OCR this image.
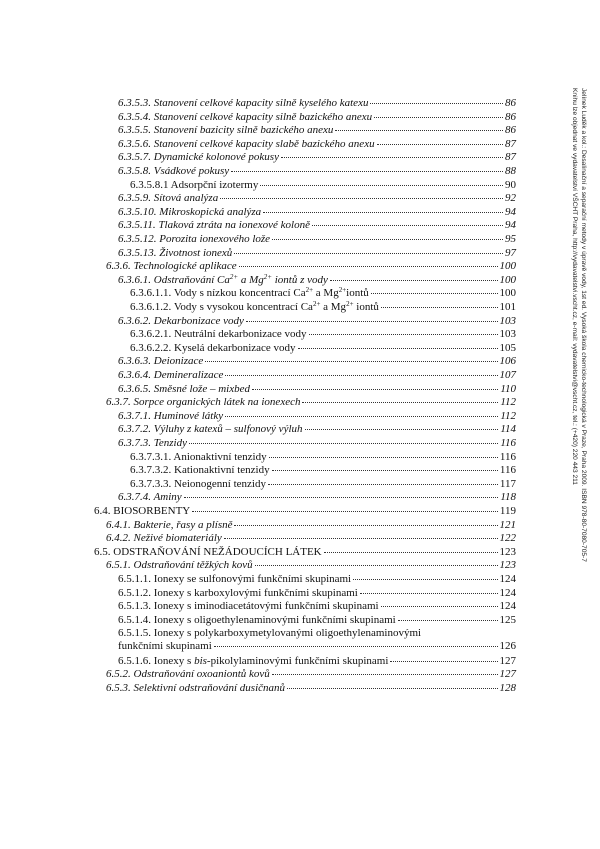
Jelínek Luděk a kol.: Desalinační a separační metody v úpravě vody, 1st ed. Vysoká škola chemicko-technologická v Praze, Praha 2009. ISBN 978-80-7080-705-7
Knihu lze objednat ve vydavatelství VŠCHT Praha, http://vydavatelstvi.vscht.cz, e-mail: vydavatelstvi@vscht.cz, tel.: (+420) 220 443 211
6.3.5.3. Stanovení celkové kapacity silně kyselého katexu	86
6.3.5.4. Stanovení celkové kapacity silně bazického anexu	86
6.3.5.5. Stanovení bazicity silně bazického anexu	86
6.3.5.6. Stanovení celkové kapacity slabě bazického anexu	87
6.3.5.7. Dynamické kolonové pokusy	87
6.3.5.8. Vsádkové pokusy	88
6.3.5.8.1 Adsorpční izotermy	90
6.3.5.9. Sítová analýza	92
6.3.5.10. Mikroskopická analýza	94
6.3.5.11. Tlaková ztráta na ionexové koloně	94
6.3.5.12. Porozita ionexového lože	95
6.3.5.13. Životnost ionexů	97
6.3.6. Technologické aplikace	100
6.3.6.1. Odstraňování $Ca^{2+}$ a $Mg^{2+}$ iontů z vody	100
6.3.6.1.1. Vody s nízkou koncentrací $Ca^{2+}$ a $Mg^{2+}iontů$	100
6.3.6.1.2. Vody s vysokou koncentrací $Ca^{2+}$ a $Mg^{2+}$ iontů	101
6.3.6.2. Dekarbonizace vody	103
6.3.6.2.1. Neutrální dekarbonizace vody	103
6.3.6.2.2. Kyselá dekarbonizace vody	105
6.3.6.3. Deionizace	106
6.3.6.4. Demineralizace	107
6.3.6.5. Směsné lože – mixbed	110
6.3.7. Sorpce organických látek na ionexech	112
6.3.7.1. Huminové látky	112
6.3.7.2. Výluhy z katexů – sulfonový výluh	114
6.3.7.3. Tenzidy	116
6.3.7.3.1. Anionaktivní tenzidy	116
6.3.7.3.2. Kationaktivní tenzidy	116
6.3.7.3.3. Neionogenní tenzidy	117
6.3.7.4. Aminy	118
6.4. BIOSORBENTY	119
6.4.1. Bakterie, řasy a plísně	121
6.4.2. Neživé biomateriály	122
6.5. ODSTRAŇOVÁNÍ NEŽÁDOUCÍCH LÁTEK	123
6.5.1. Odstraňování těžkých kovů	123
6.5.1.1. Ionexy se sulfonovými funkčními skupinami	124
6.5.1.2. Ionexy s karboxylovými funkčními skupinami	124
6.5.1.3. Ionexy s iminodiacetátovými funkčními skupinami	124
6.5.1.4. Ionexy s oligoethylenaminovými funkčními skupinami	125
6.5.1.5. Ionexy s polykarboxymetylovanými oligoethylenaminovými
funkčními skupinami	126
6.5.1.6. Ionexy s bis-pikolylaminovými funkčními skupinami	127
6.5.2. Odstraňování oxoaniontů kovů	127
6.5.3. Selektivní odstraňování dusičnanů	128
